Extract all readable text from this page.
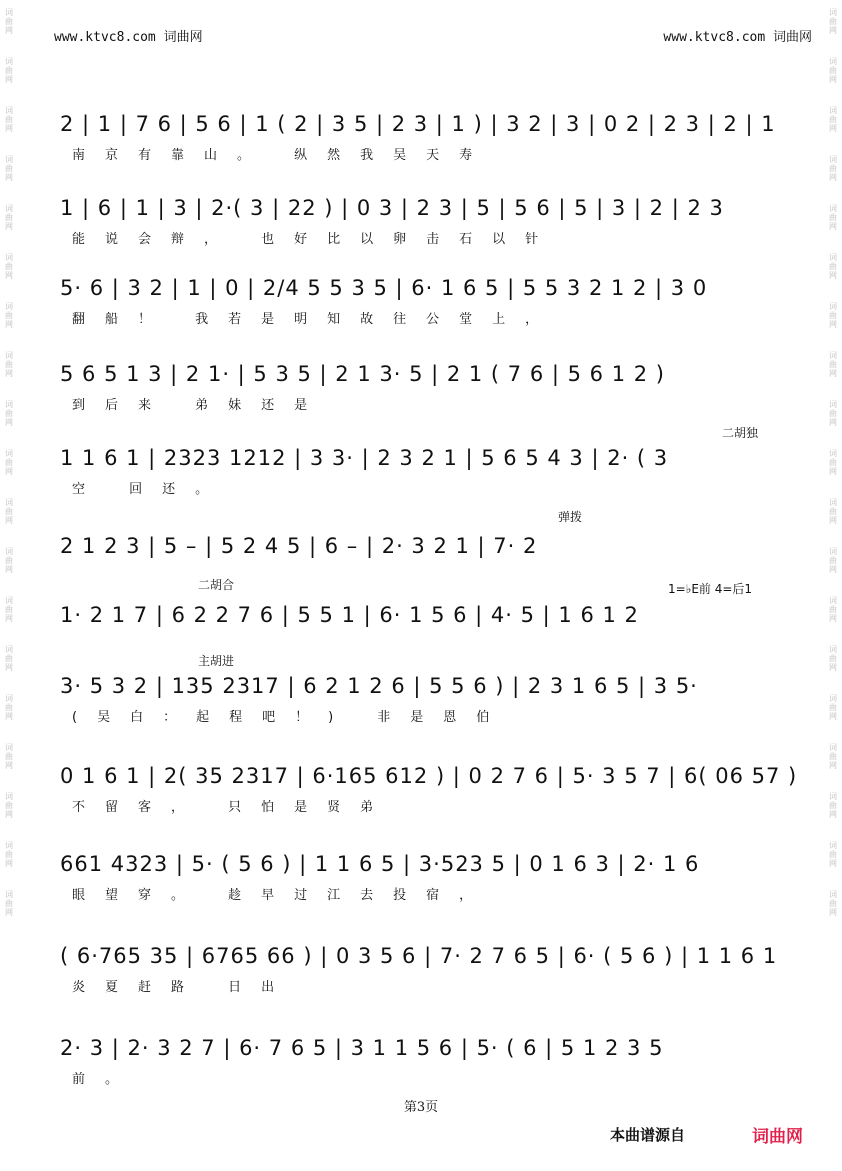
www.ktvc8.com 词曲网	www.ktvc8.com 词曲网
词曲网
词曲网
词曲网
词曲网
词曲网
词曲网
词曲网
词曲网
词曲网
词曲网
词曲网
词曲网
词曲网
词曲网
词曲网
词曲网
词曲网
词曲网
词曲网
词曲网
词曲网
词曲网
词曲网
词曲网
词曲网
词曲网
词曲网
词曲网
词曲网
词曲网
词曲网
词曲网
词曲网
词曲网
词曲网
词曲网
词曲网
词曲网
2 | 1 | 7 6 | 5 6 | 1 ( 2 | 3 5 | 2 3 | 1 ) | 3 2 | 3 | 0 2 | 2 3 | 2 | 1
南京有靠山。 纵然我吴天寿
1 | 6 | 1 | 3 | 2·( 3 | 22 ) | 0 3 | 2 3 | 5 | 5 6 | 5 | 3 | 2 | 2 3
能说会辩， 也好比以卵击石以针
5· 6 | 3 2 | 1 | 0 | 2/4 5 5 3 5 | 6· 1 6 5 | 5 5 3 2 1 2 | 3 0
翻船！ 我若是明知故往公堂上，
5 6 5 1 3 | 2 1· | 5 3 5 | 2 1 3· 5 | 2 1 ( 7 6 | 5 6 1 2 )
到后来 弟妹还是
1 1 6 1 | 2323 1212 | 3 3· | 2 3 2 1 | 5 6 5 4 3 | 2· ( 3
空 回还。
2 1 2 3 | 5 – | 5 2 4 5 | 6 – | 2· 3 2 1 | 7· 2
1· 2 1 7 | 6 2 2 7 6 | 5 5 1 | 6· 1 5 6 | 4· 5 | 1 6 1 2
3· 5 3 2 | 135 2317 | 6 2 1 2 6 | 5 5 6 ) | 2 3 1 6 5 | 3 5·
(吴白：起程吧！) 非是恩伯
0 1 6 1 | 2( 35 2317 | 6·165 612 ) | 0 2 7 6 | 5· 3 5 7 | 6( 06 57 )
不留客， 只怕是贤弟
661 4323 | 5· ( 5 6 ) | 1 1 6 5 | 3·523 5 | 0 1 6 3 | 2· 1 6
眼望穿。 趁早过江去投宿，
( 6·765 35 | 6765 66 ) | 0 3 5 6 | 7· 2 7 6 5 | 6· ( 5 6 ) | 1 1 6 1
炎夏赶路 日出
2· 3 | 2· 3 2 7 | 6· 7 6 5 | 3 1 1 5 6 | 5· ( 6 | 5 1 2 3 5
前。
二胡独
弹拨
二胡合	1=♭E前 4=后1
主胡进
第3页
本曲谱源自	词曲网
